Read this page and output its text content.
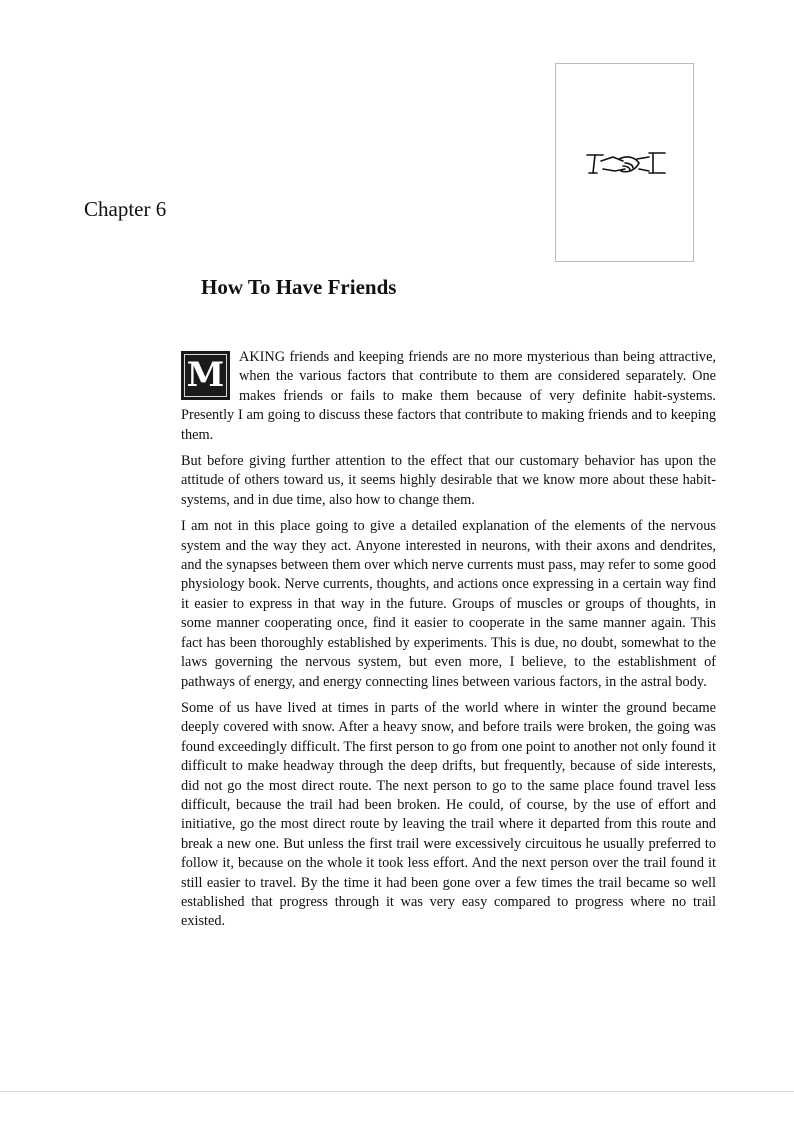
Chapter 6
How To Have Friends

M	AKING friends and keeping friends are no more mysterious than being attractive, when the various factors that contribute to them are considered separately. One makes friends or fails to make them because of very definite habit-systems. Presently I am going to discuss these factors that contribute to making friends and to keeping them.

But before giving further attention to the effect that our customary behavior has upon the attitude of others toward us, it seems highly desirable that we know more about these habit-systems, and in due time, also how to change them.

I am not in this place going to give a detailed explanation of the elements of the nervous system and the way they act. Anyone interested in neurons, with their axons and dendrites, and the synapses between them over which nerve currents must pass, may refer to some good physiology book. Nerve currents, thoughts, and actions once expressing in a certain way find it easier to express in that way in the future. Groups of muscles or groups of thoughts, in some manner cooperating once, find it easier to cooperate in the same manner again. This fact has been thoroughly established by experiments. This is due, no doubt, somewhat to the laws governing the nervous system, but even more, I believe, to the establishment of pathways of energy, and energy connecting lines between various factors, in the astral body.

Some of us have lived at times in parts of the world where in winter the ground became deeply covered with snow. After a heavy snow, and before trails were broken, the going was found exceedingly difficult. The first person to go from one point to another not only found it difficult to make headway through the deep drifts, but frequently, because of side interests, did not go the most direct route. The next person to go to the same place found travel less difficult, because the trail had been broken. He could, of course, by the use of effort and initiative, go the most direct route by leaving the trail where it departed from this route and break a new one. But unless the first trail were excessively circuitous he usually preferred to follow it, because on the whole it took less effort. And the next person over the trail found it still easier to travel. By the time it had been gone over a few times the trail became so well established that progress through it was very easy compared to progress where no trail existed.
